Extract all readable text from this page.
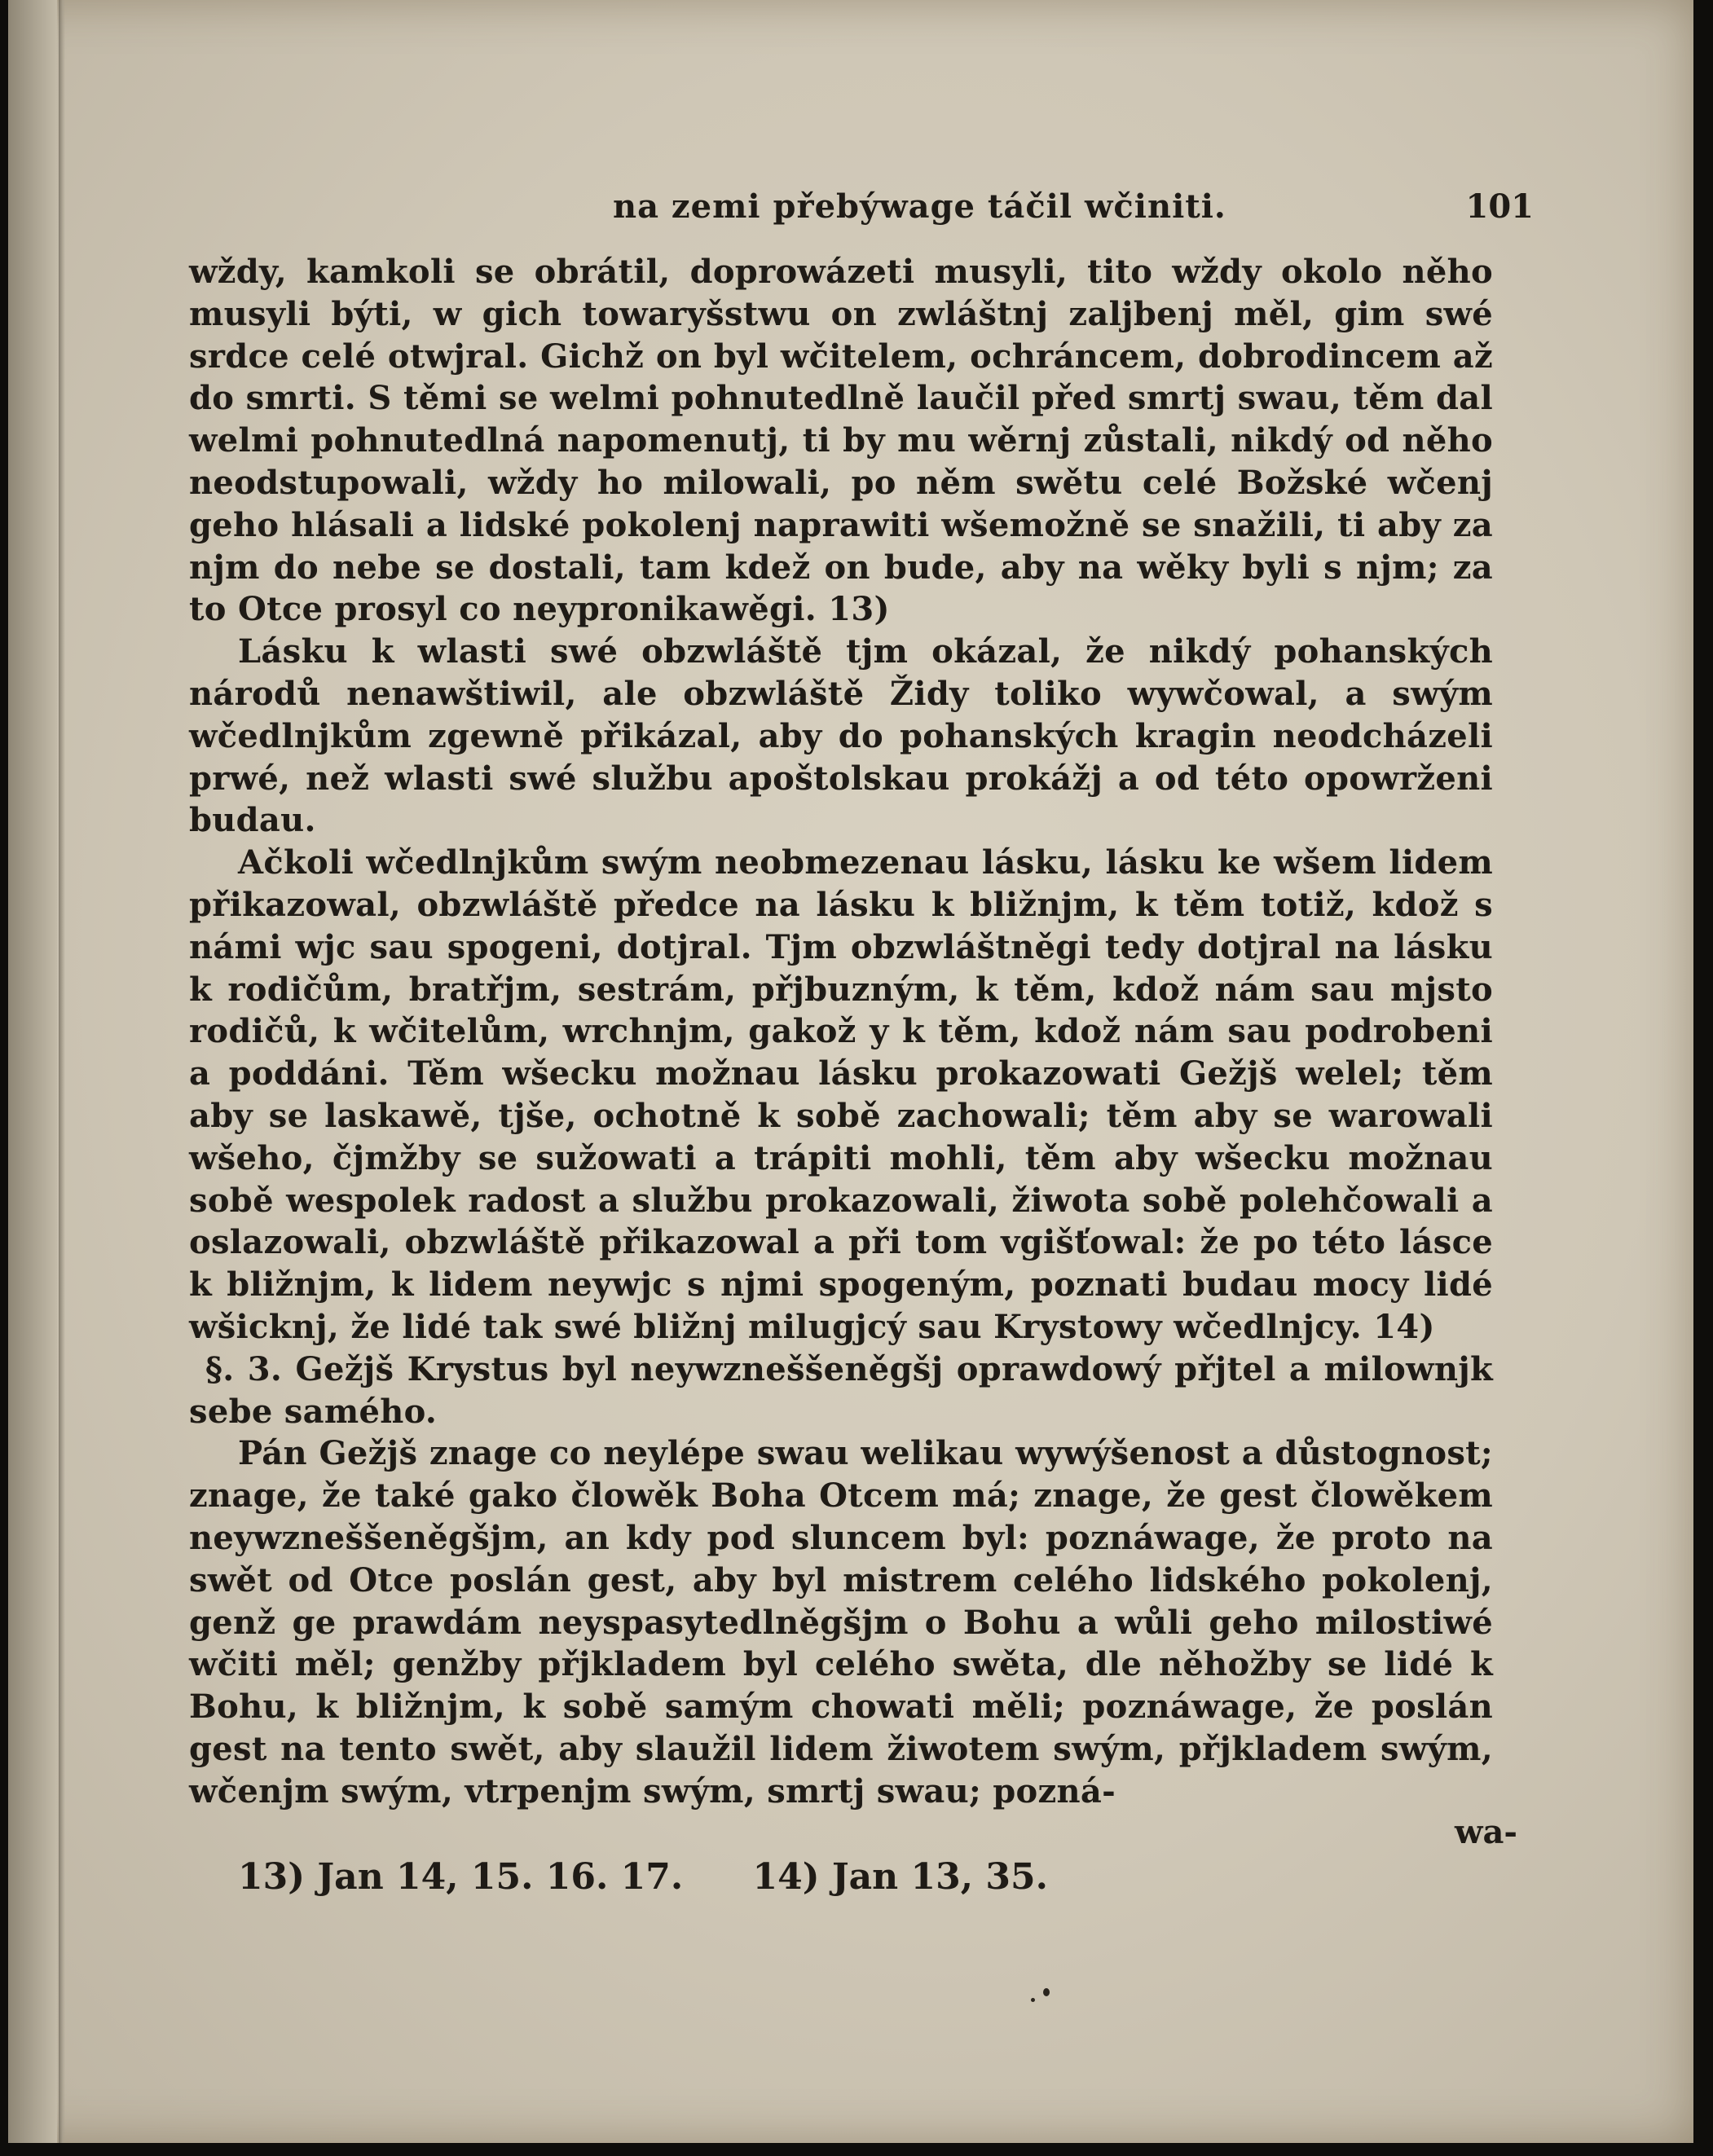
na zemi přebýwage táčil wčiniti.	101

wždy, kamkoli se obrátil, doprowázeti musyli, tito wždy okolo něho musyli býti, w gich towaryšstwu on zwláštnj zaljbenj měl, gim swé srdce celé otwjral. Gichž on byl wčitelem, ochráncem, dobrodincem až do smrti. S těmi se welmi pohnutedlně laučil před smrtj swau, těm dal welmi pohnutedlná napomenutj, ti by mu wěrnj zůstali, nikdý od něho neodstupowali, wždy ho milowali, po něm swětu celé Božské wčenj geho hlásali a lidské pokolenj naprawiti wšemožně se snažili, ti aby za njm do nebe se dostali, tam kdež on bude, aby na wěky byli s njm; za to Otce prosyl co neypronikawěgi. 13)

Lásku k wlasti swé obzwláště tjm okázal, že nikdý pohanských národů nenawštiwil, ale obzwláště Židy toliko wywčowal, a swým wčedlnjkům zgewně přikázal, aby do pohanských kragin neodcházeli prwé, než wlasti swé službu apoštolskau prokážj a od této opowrženi budau.

Ačkoli wčedlnjkům swým neobmezenau lásku, lásku ke wšem lidem přikazowal, obzwláště předce na lásku k bližnjm, k těm totiž, kdož s námi wjc sau spogeni, dotjral. Tjm obzwláštněgi tedy dotjral na lásku k rodičům, bratřjm, sestrám, přjbuzným, k těm, kdož nám sau mjsto rodičů, k wčitelům, wrchnjm, gakož y k těm, kdož nám sau podrobeni a poddáni. Těm wšecku možnau lásku prokazowati Gežjš welel; těm aby se laskawě, tjše, ochotně k sobě zachowali; těm aby se warowali wšeho, čjmžby se sužowati a trápiti mohli, těm aby wšecku možnau sobě wespolek radost a službu prokazowali, žiwota sobě polehčowali a oslazowali, obzwláště přikazowal a při tom vgišťowal: že po této lásce k bližnjm, k lidem neywjc s njmi spogeným, poznati budau mocy lidé wšicknj, že lidé tak swé bližnj milugjcý sau Krystowy wčedlnjcy. 14)

§. 3. Gežjš Krystus byl neywzneššeněgšj oprawdowý přjtel a milownjk sebe samého.

Pán Gežjš znage co neylépe swau welikau wywýšenost a důstognost; znage, že také gako člowěk Boha Otcem má; znage, že gest člowěkem neywzneššeněgšjm, an kdy pod sluncem byl: poznáwage, že proto na swět od Otce poslán gest, aby byl mistrem celého lidského pokolenj, genž ge prawdám neyspasytedlněgšjm o Bohu a wůli geho milostiwé wčiti měl; genžby přjkladem byl celého swěta, dle něhožby se lidé k Bohu, k bližnjm, k sobě samým chowati měli; poznáwage, že poslán gest na tento swět, aby slaužil lidem žiwotem swým, přjkladem swým, wčenjm swým, vtrpenjm swým, smrtj swau; pozná-

wa-
13) Jan 14, 15. 16. 17. 14) Jan 13, 35.
